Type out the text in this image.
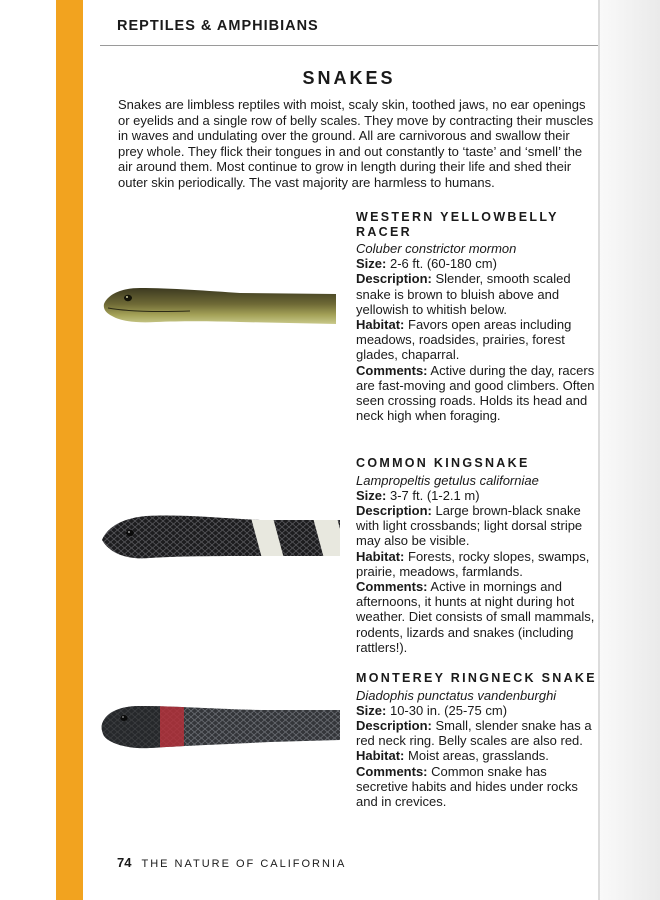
REPTILES & AMPHIBIANS
SNAKES
Snakes are limbless reptiles with moist, scaly skin, toothed jaws, no ear openings or eyelids and a single row of belly scales. They move by contracting their muscles in waves and undulating over the ground. All are carnivorous and swallow their prey whole. They flick their tongues in and out constantly to ‘taste’ and ‘smell’ the air around them. Most continue to grow in length during their life and shed their outer skin periodically. The vast majority are harmless to humans.
WESTERN YELLOWBELLY RACER
Coluber constrictor mormon
Size: 2-6 ft. (60-180 cm)
Description: Slender, smooth scaled snake is brown to bluish above and yellowish to whitish below.
Habitat: Favors open areas including meadows, roadsides, prairies, forest glades, chaparral.
Comments: Active during the day, racers are fast-moving and good climbers. Often seen crossing roads. Holds its head and neck high when foraging.
COMMON KINGSNAKE
Lampropeltis getulus californiae
Size: 3-7 ft. (1-2.1 m)
Description: Large brown-black snake with light crossbands; light dorsal stripe may also be visible.
Habitat: Forests, rocky slopes, swamps, prairie, meadows, farmlands.
Comments: Active in mornings and afternoons, it hunts at night during hot weather. Diet consists of small mammals, rodents, lizards and snakes (including rattlers!).
MONTEREY RINGNECK SNAKE
Diadophis punctatus vandenburghi
Size: 10-30 in. (25-75 cm)
Description: Small, slender snake has a red neck ring. Belly scales are also red.
Habitat: Moist areas, grasslands.
Comments: Common snake has secretive habits and hides under rocks and in crevices.
74 THE NATURE OF CALIFORNIA
